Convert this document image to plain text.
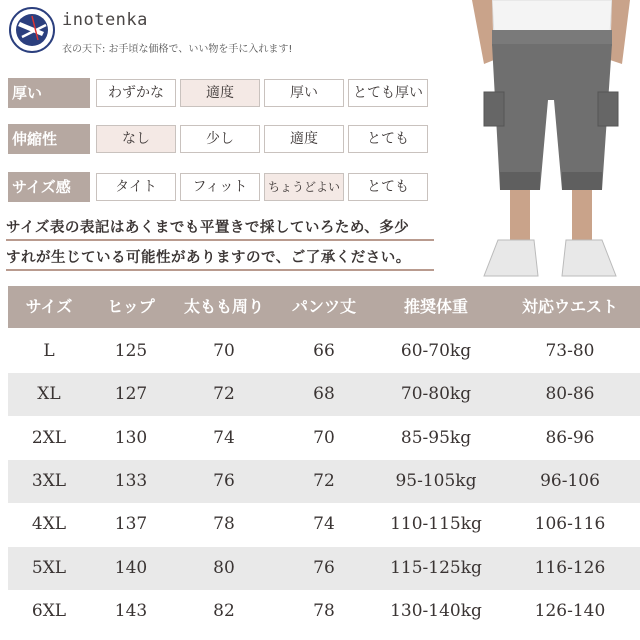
inotenka
衣の天下: お手頃な価格で、いい物を手に入れます!
厚い	わずかな	適度	厚い	とても厚い
伸縮性	なし	少し	適度	とても
サイズ感	タイト	フィット	ちょうどよい	とても
サイズ表の表記はあくまでも平置きで採していろため、多少
すれが生じている可能性がありますので、ご了承ください。
サイズ	ヒップ	太もも周り	パンツ丈	推奨体重	対応ウエスト
L	125	70	66	60-70kg	73-80
XL	127	72	68	70-80kg	80-86
2XL	130	74	70	85-95kg	86-96
3XL	133	76	72	95-105kg	96-106
4XL	137	78	74	110-115kg	106-116
5XL	140	80	76	115-125kg	116-126
6XL	143	82	78	130-140kg	126-140
